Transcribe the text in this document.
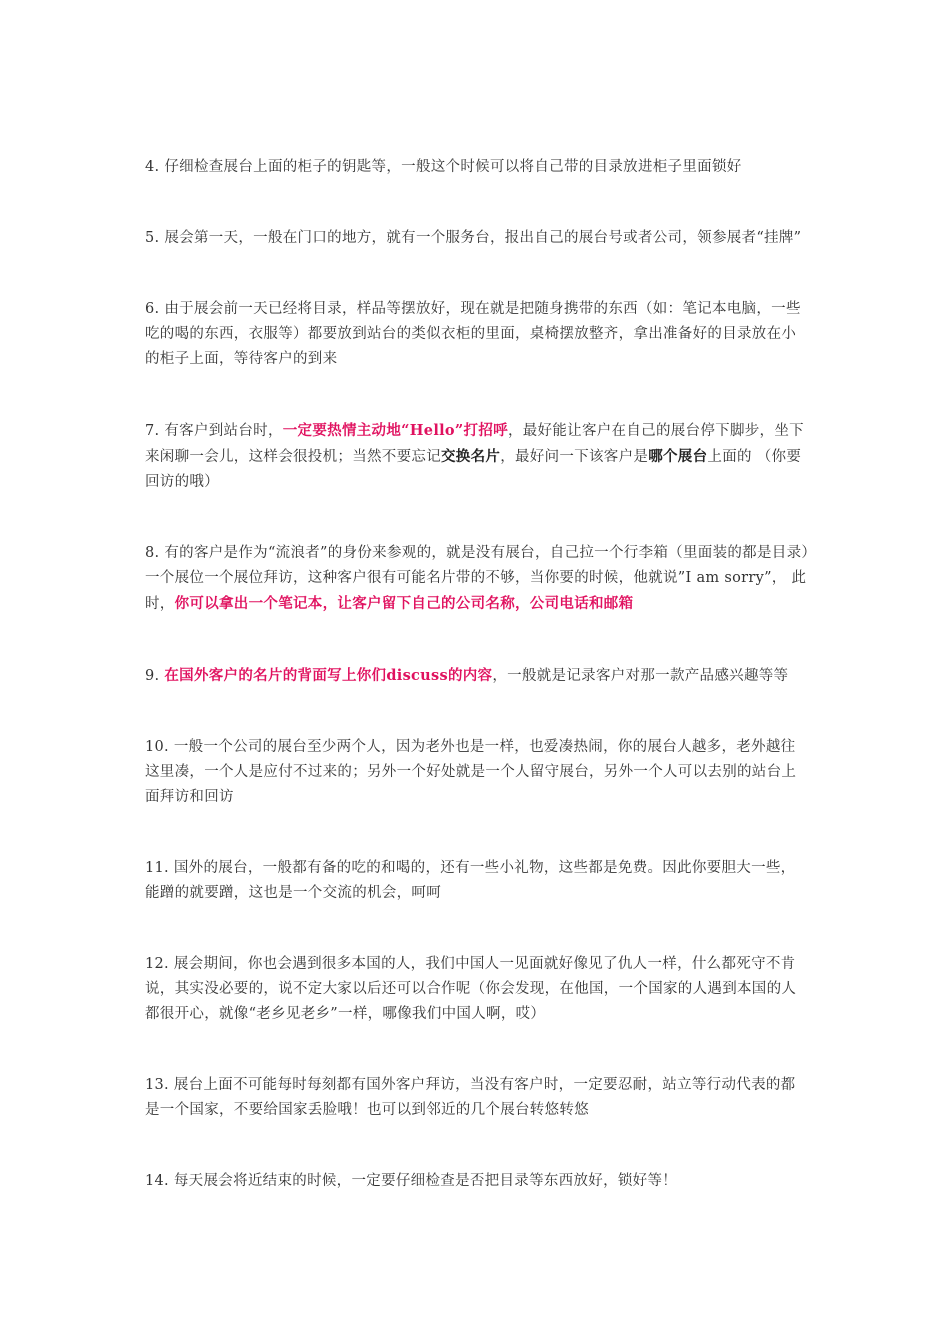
4. 仔细检查展台上面的柜子的钥匙等，一般这个时候可以将自己带的目录放进柜子里面锁好

5. 展会第一天，一般在门口的地方，就有一个服务台，报出自己的展台号或者公司，领参展者“挂牌”

6. 由于展会前一天已经将目录，样品等摆放好，现在就是把随身携带的东西（如：笔记本电脑，一些吃的喝的东西，衣服等）都要放到站台的类似衣柜的里面，桌椅摆放整齐，拿出准备好的目录放在小的柜子上面，等待客户的到来

7. 有客户到站台时，一定要热情主动地“Hello”打招呼，最好能让客户在自己的展台停下脚步，坐下来闲聊一会儿，这样会很投机；当然不要忘记交换名片，最好问一下该客户是哪个展台上面的 （你要回访的哦）

8. 有的客户是作为“流浪者”的身份来参观的，就是没有展台，自己拉一个行李箱（里面装的都是目录）一个展位一个展位拜访，这种客户很有可能名片带的不够，当你要的时候，他就说”I am sorry”， 此时，你可以拿出一个笔记本，让客户留下自己的公司名称，公司电话和邮箱

9. 在国外客户的名片的背面写上你们discuss的内容，一般就是记录客户对那一款产品感兴趣等等

10. 一般一个公司的展台至少两个人，因为老外也是一样，也爱凑热闹，你的展台人越多，老外越往这里凑，一个人是应付不过来的；另外一个好处就是一个人留守展台，另外一个人可以去别的站台上面拜访和回访

11. 国外的展台，一般都有备的吃的和喝的，还有一些小礼物，这些都是免费。因此你要胆大一些，能蹭的就要蹭，这也是一个交流的机会，呵呵

12. 展会期间，你也会遇到很多本国的人，我们中国人一见面就好像见了仇人一样，什么都死守不肯说，其实没必要的，说不定大家以后还可以合作呢（你会发现，在他国，一个国家的人遇到本国的人都很开心，就像“老乡见老乡”一样，哪像我们中国人啊，哎）

13. 展台上面不可能每时每刻都有国外客户拜访，当没有客户时，一定要忍耐，站立等行动代表的都是一个国家，不要给国家丢脸哦！也可以到邻近的几个展台转悠转悠

14. 每天展会将近结束的时候，一定要仔细检查是否把目录等东西放好，锁好等！
